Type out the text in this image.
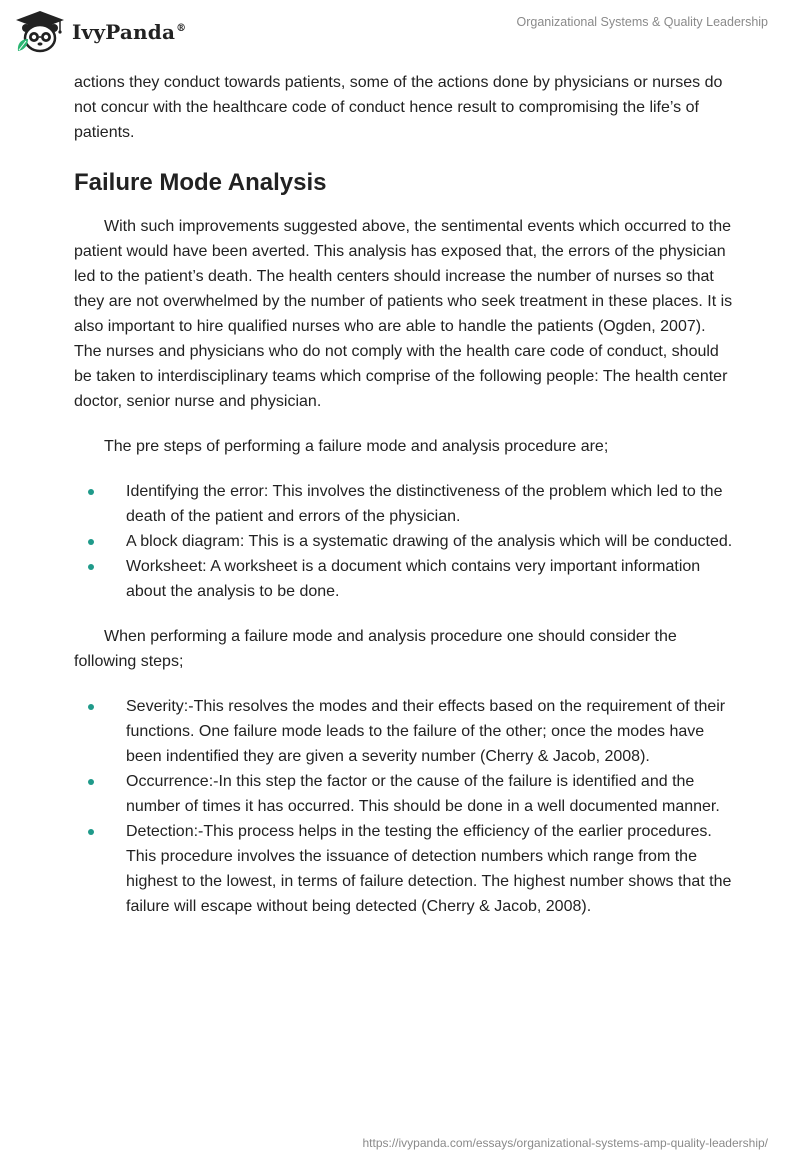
IvyPanda®	Organizational Systems & Quality Leadership

actions they conduct towards patients, some of the actions done by physicians or nurses do not concur with the healthcare code of conduct hence result to compromising the life’s of patients.

Failure Mode Analysis

With such improvements suggested above, the sentimental events which occurred to the patient would have been averted. This analysis has exposed that, the errors of the physician led to the patient’s death. The health centers should increase the number of nurses so that they are not overwhelmed by the number of patients who seek treatment in these places. It is also important to hire qualified nurses who are able to handle the patients (Ogden, 2007). The nurses and physicians who do not comply with the health care code of conduct, should be taken to interdisciplinary teams which comprise of the following people: The health center doctor, senior nurse and physician.

The pre steps of performing a failure mode and analysis procedure are;

Identifying the error: This involves the distinctiveness of the problem which led to the death of the patient and errors of the physician.
A block diagram: This is a systematic drawing of the analysis which will be conducted.
Worksheet: A worksheet is a document which contains very important information about the analysis to be done.

When performing a failure mode and analysis procedure one should consider the following steps;

Severity:-This resolves the modes and their effects based on the requirement of their functions. One failure mode leads to the failure of the other; once the modes have been indentified they are given a severity number (Cherry & Jacob, 2008).
Occurrence:-In this step the factor or the cause of the failure is identified and the number of times it has occurred. This should be done in a well documented manner.
Detection:-This process helps in the testing the efficiency of the earlier procedures. This procedure involves the issuance of detection numbers which range from the highest to the lowest, in terms of failure detection. The highest number shows that the failure will escape without being detected (Cherry & Jacob, 2008).
https://ivypanda.com/essays/organizational-systems-amp-quality-leadership/
